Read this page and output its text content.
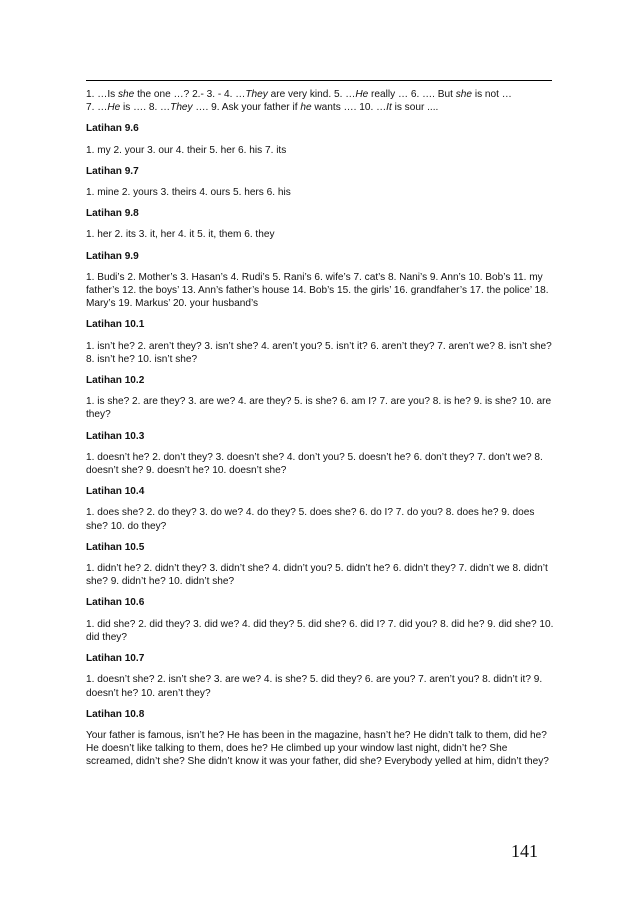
1. …Is she the one …? 2.- 3. - 4. …They are very kind. 5. …He really … 6. …. But she is not …
7. …He is …. 8. …They …. 9. Ask your father if he wants …. 10. …It is sour ....

Latihan 9.6

1. my 2. your 3. our 4. their 5. her 6. his 7. its

Latihan 9.7

1. mine 2. yours 3. theirs 4. ours 5. hers 6. his

Latihan 9.8

1. her 2. its 3. it, her 4. it 5. it, them 6. they

Latihan 9.9

1. Budi’s 2. Mother’s 3. Hasan’s 4. Rudi’s 5. Rani’s 6. wife’s 7. cat’s 8. Nani’s 9. Ann’s 10. Bob’s 11. my father’s 12. the boys’ 13. Ann’s father’s house 14. Bob’s 15. the girls’ 16. grandfaher’s 17. the police’ 18. Mary’s 19. Markus’ 20. your husband’s

Latihan 10.1

1. isn’t he? 2. aren’t they? 3. isn’t she? 4. aren’t you? 5. isn’t it? 6. aren’t they? 7. aren’t we? 8. isn’t she? 8. isn’t he? 10. isn’t she?

Latihan 10.2

1. is she? 2. are they? 3. are we? 4. are they? 5. is she? 6. am I? 7. are you? 8. is he? 9. is she? 10. are they?

Latihan 10.3

1. doesn’t he? 2. don’t they? 3. doesn’t she? 4. don’t you? 5. doesn’t he? 6. don’t they? 7. don’t we? 8. doesn’t she? 9. doesn’t he? 10. doesn’t she?

Latihan 10.4

1. does she? 2. do they? 3. do we? 4. do they? 5. does she? 6. do I? 7. do you? 8. does he? 9. does she? 10. do they?

Latihan 10.5

1. didn’t he? 2. didn’t they? 3. didn’t she? 4. didn’t you? 5. didn’t he? 6. didn’t they? 7. didn’t we 8. didn’t she? 9. didn’t he? 10. didn’t she?

Latihan 10.6

1. did she? 2. did they? 3. did we? 4. did they? 5. did she? 6. did I? 7. did you? 8. did he? 9. did she? 10. did they?

Latihan 10.7

1. doesn’t she? 2. isn’t she? 3. are we? 4. is she? 5. did they? 6. are you? 7. aren’t you? 8. didn’t it? 9. doesn’t he? 10. aren’t they?

Latihan 10.8

Your father is famous, isn’t he? He has been in the magazine, hasn’t he? He didn’t talk to them, did he? He doesn’t like talking to them, does he? He climbed up your window last night, didn’t he? She screamed, didn’t she? She didn’t know it was your father, did she? Everybody yelled at him, didn’t they?

141
